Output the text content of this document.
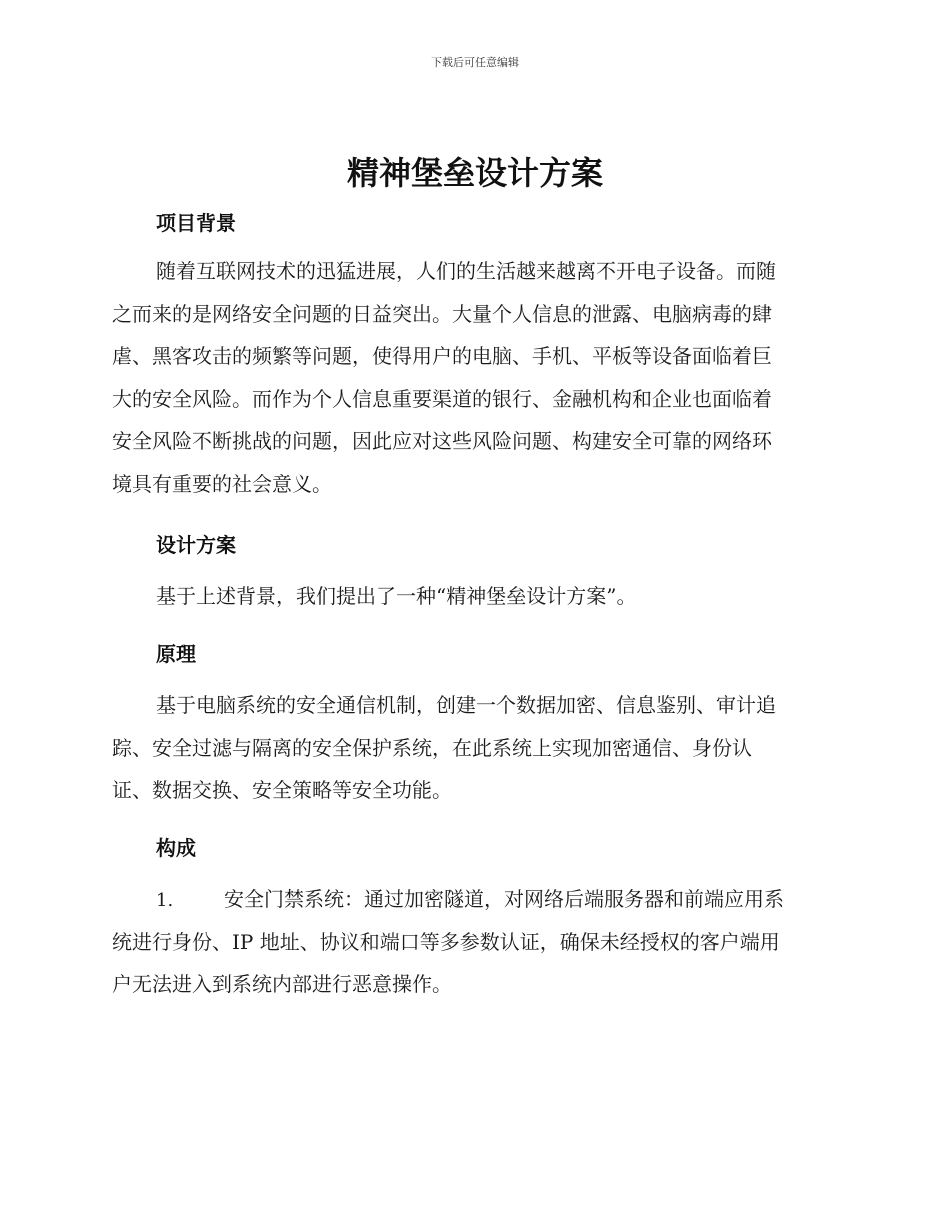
下载后可任意编辑
精神堡垒设计方案
项目背景
随着互联网技术的迅猛进展，人们的生活越来越离不开电子设备。而随
之而来的是网络安全问题的日益突出。大量个人信息的泄露、电脑病毒的肆
虐、黑客攻击的频繁等问题，使得用户的电脑、手机、平板等设备面临着巨
大的安全风险。而作为个人信息重要渠道的银行、金融机构和企业也面临着
安全风险不断挑战的问题，因此应对这些风险问题、构建安全可靠的网络环
境具有重要的社会意义。
设计方案
基于上述背景，我们提出了一种“精神堡垒设计方案”。
原理
基于电脑系统的安全通信机制，创建一个数据加密、信息鉴别、审计追
踪、安全过滤与隔离的安全保护系统，在此系统上实现加密通信、身份认
证、数据交换、安全策略等安全功能。
构成
1.	安全门禁系统：通过加密隧道，对网络后端服务器和前端应用系
统进行身份、IP 地址、协议和端口等多参数认证，确保未经授权的客户端用
户无法进入到系统内部进行恶意操作。
